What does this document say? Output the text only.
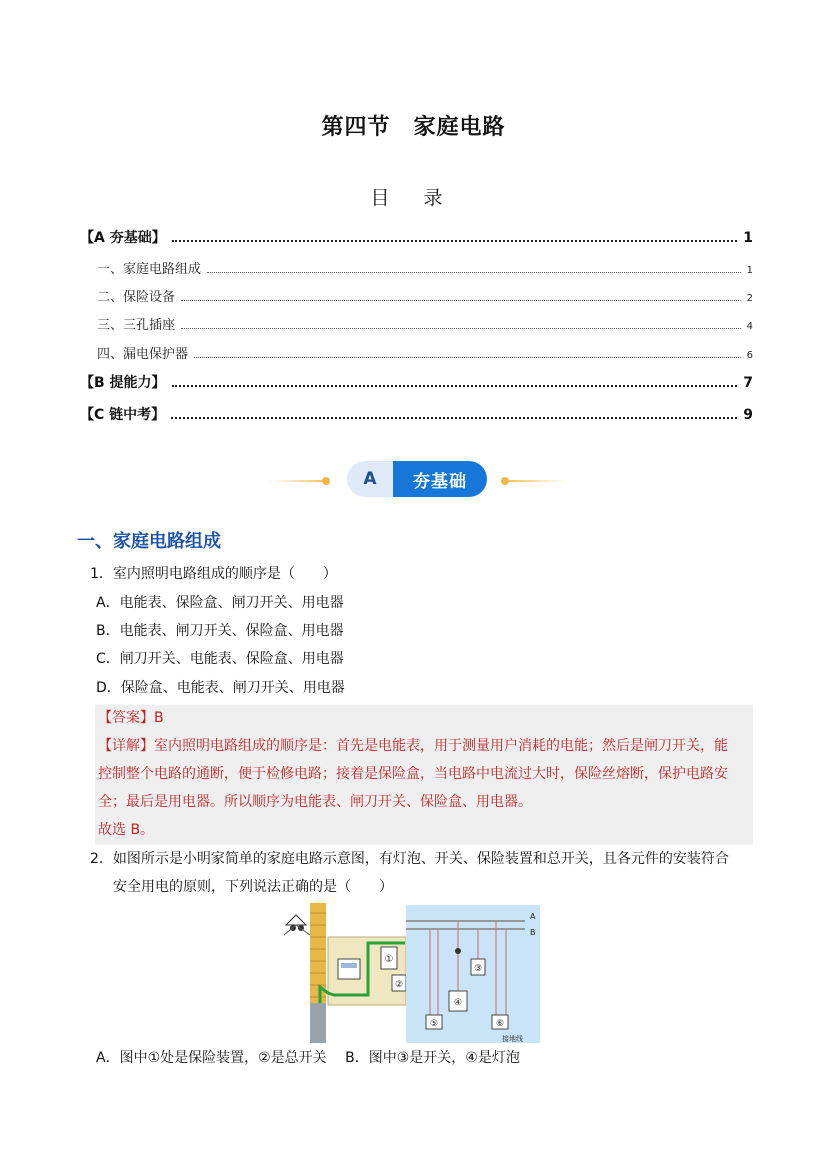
第四节　家庭电路
目 录
【A 夯基础】	1
一、家庭电路组成	1
二、保险设备	2
三、三孔插座	4
四、漏电保护器	6
【B 提能力】	7
【C 链中考】	9
A	夯基础
一、家庭电路组成
1．室内照明电路组成的顺序是（　　）
A．电能表、保险盒、闸刀开关、用电器
B．电能表、闸刀开关、保险盒、用电器
C．闸刀开关、电能表、保险盒、用电器
D．保险盒、电能表、闸刀开关、用电器
【答案】B
【详解】室内照明电路组成的顺序是：首先是电能表，用于测量用户消耗的电能；然后是闸刀开关，能
控制整个电路的通断，便于检修电路；接着是保险盒，当电路中电流过大时，保险丝熔断，保护电路安
全；最后是用电器。所以顺序为电能表、闸刀开关、保险盒、用电器。
故选 B。
2．如图所示是小明家简单的家庭电路示意图，有灯泡、开关、保险装置和总开关，且各元件的安装符合
安全用电的原则，下列说法正确的是（　　）
①
②
A
B
③
④
⑤	⑥
接地线
A．图中①处是保险装置，②是总开关　 B．图中③是开关，④是灯泡
